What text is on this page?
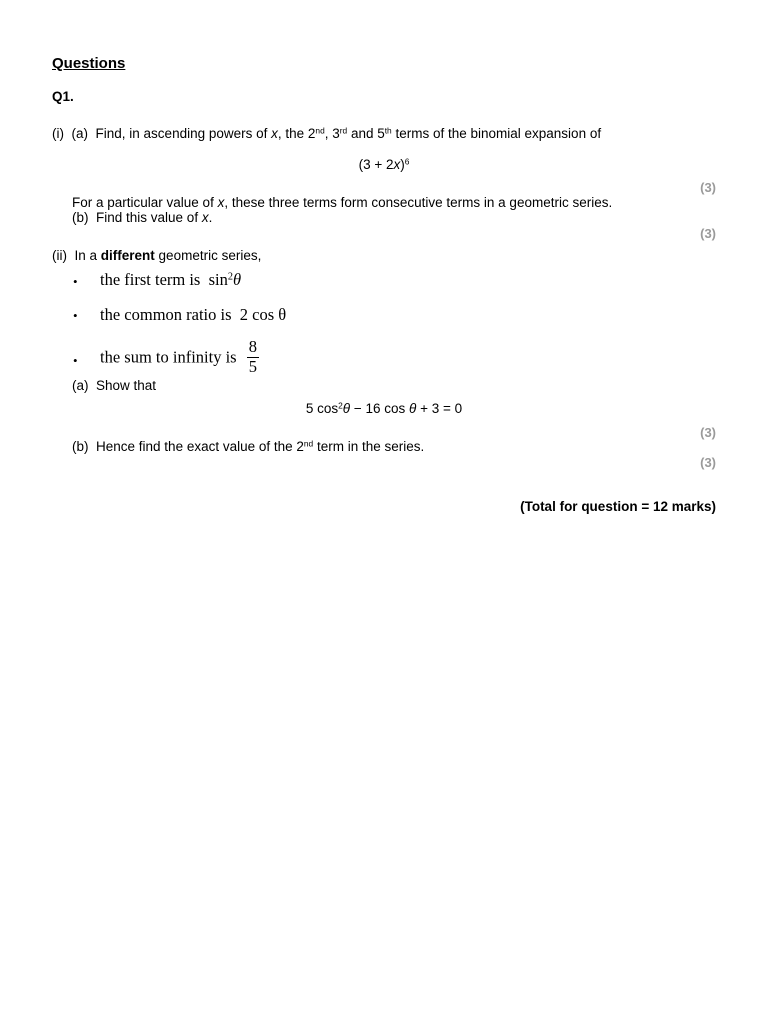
Questions
Q1.
(i) (a) Find, in ascending powers of x, the 2nd, 3rd and 5th terms of the binomial expansion of
$(3 + 2x)^6$
(3)
For a particular value of x, these three terms form consecutive terms in a geometric series.
(b) Find this value of x.
(3)
(ii) In a different geometric series,
• the first term is $\sin^2\theta$
• the common ratio is 2 cos θ
• the sum to infinity is $\frac{8}{5}$
(a) Show that
5 $\cos^2\theta - 16$ cos θ + 3 = 0
(3)
(b) Hence find the exact value of the 2nd term in the series.
(3)
(Total for question = 12 marks)
